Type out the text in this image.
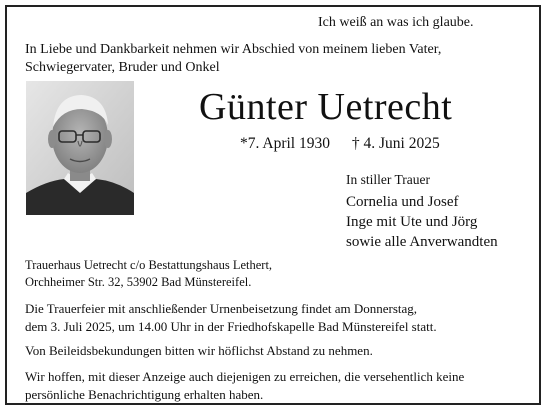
Ich weiß an was ich glaube.
In Liebe und Dankbarkeit nehmen wir Abschied von meinem lieben Vater,
Schwiegervater, Bruder und Onkel
Günter Uetrecht
*7. April 1930 † 4. Juni 2025
In stiller Trauer
Cornelia und Josef
Inge mit Ute und Jörg
sowie alle Anverwandten
Trauerhaus Uetrecht c/o Bestattungshaus Lethert,
Orchheimer Str. 32, 53902 Bad Münstereifel.
Die Trauerfeier mit anschließender Urnenbeisetzung findet am Donnerstag,
dem 3. Juli 2025, um 14.00 Uhr in der Friedhofskapelle Bad Münstereifel statt.
Von Beileidsbekundungen bitten wir höflichst Abstand zu nehmen.
Wir hoffen, mit dieser Anzeige auch diejenigen zu erreichen, die versehentlich keine
persönliche Benachrichtigung erhalten haben.
